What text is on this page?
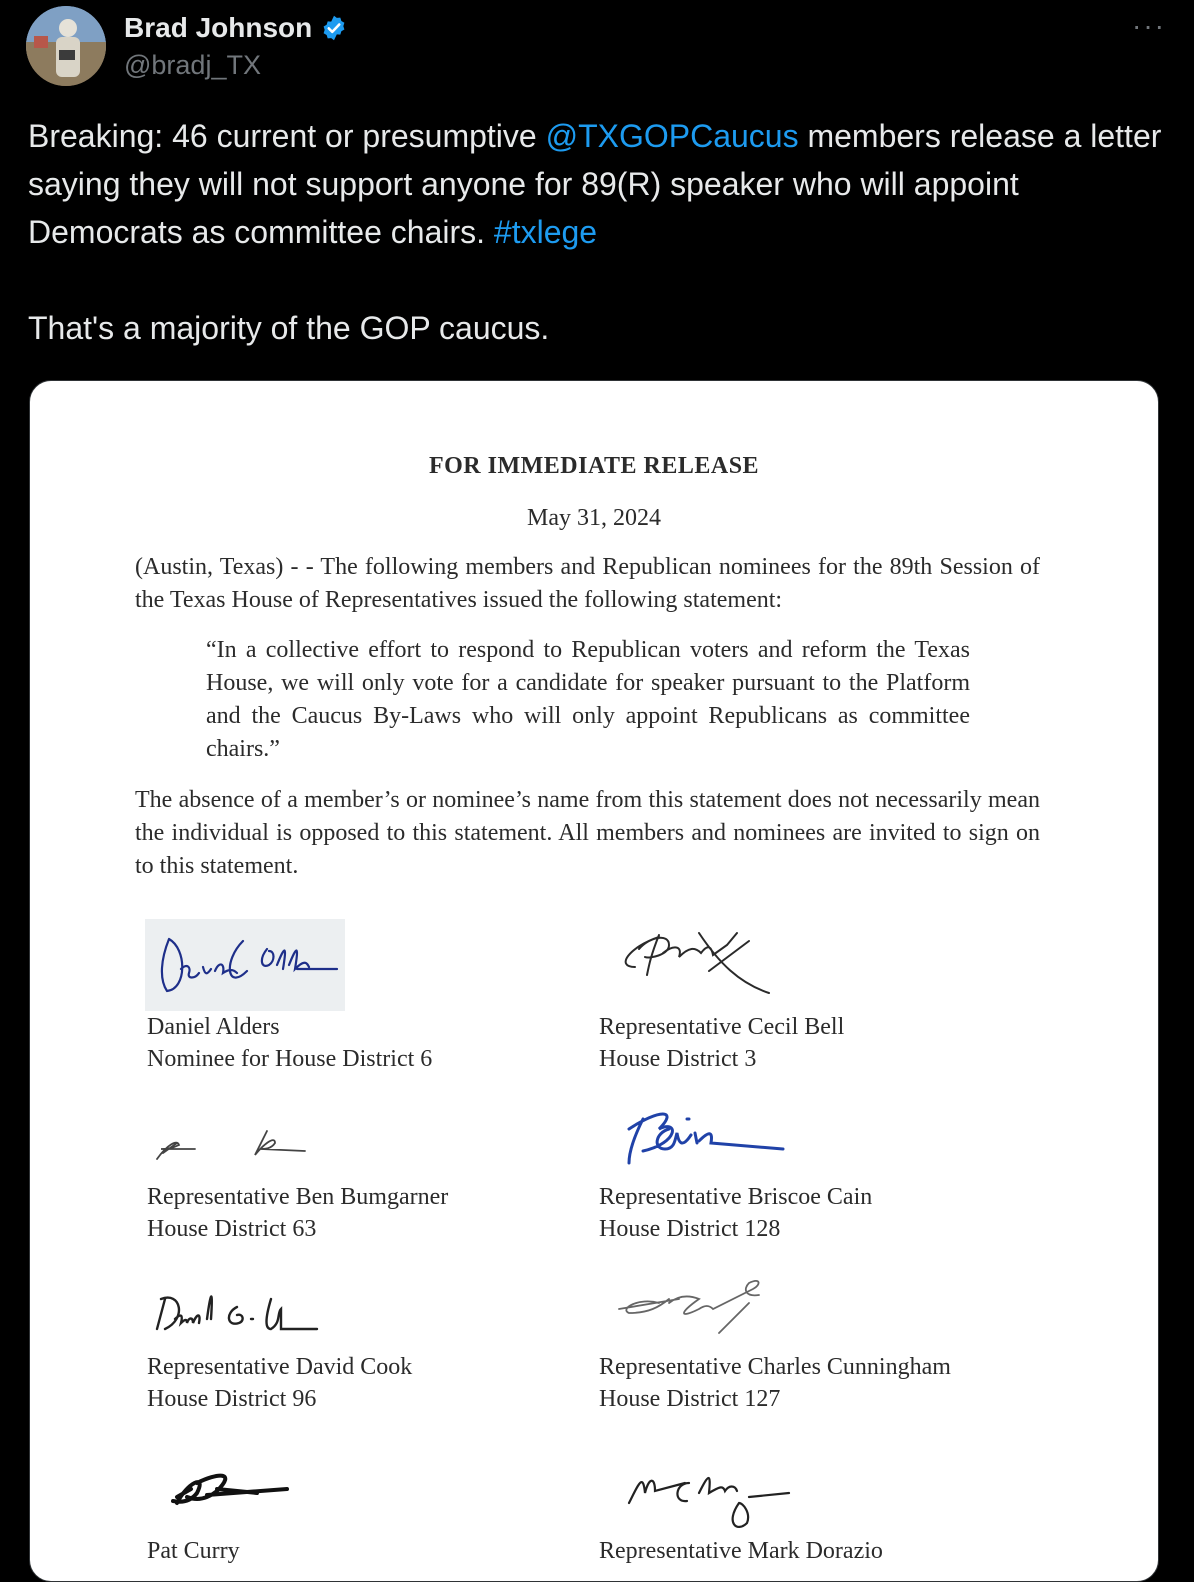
Brad Johnson
@bradj_TX
···
Breaking: 46 current or presumptive @TXGOPCaucus members release a letter saying they will not support anyone for 89(R) speaker who will appoint Democrats as committee chairs. #txlege

That's a majority of the GOP caucus.
FOR IMMEDIATE RELEASE
May 31, 2024
(Austin, Texas) - - The following members and Republican nominees for the 89th Session of the Texas House of Representatives issued the following statement:
“In a collective effort to respond to Republican voters and reform the Texas House, we will only vote for a candidate for speaker pursuant to the Platform and the Caucus By-Laws who will only appoint Republicans as committee chairs.”
The absence of a member’s or nominee’s name from this statement does not necessarily mean the individual is opposed to this statement. All members and nominees are invited to sign on to this statement.
Daniel Alders
Nominee for House District 6
Representative Cecil Bell
House District 3
Representative Ben Bumgarner
House District 63
Representative Briscoe Cain
House District 128
Representative David Cook
House District 96
Representative Charles Cunningham
House District 127
Pat Curry	Representative Mark Dorazio
